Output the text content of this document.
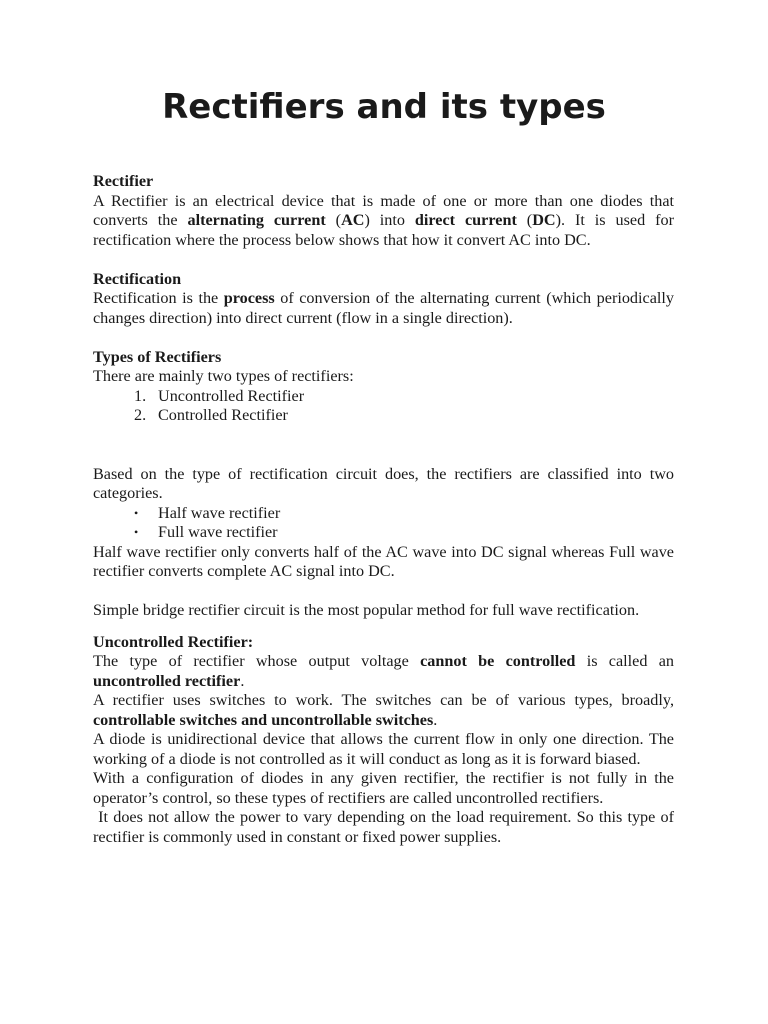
Rectifiers and its types

Rectifier

A Rectifier is an electrical device that is made of one or more than one diodes that converts the alternating current (AC) into direct current (DC). It is used for rectification where the process below shows that how it convert AC into DC.

Rectification

Rectification is the process of conversion of the alternating current (which periodically changes direction) into direct current (flow in a single direction).

Types of Rectifiers

There are mainly two types of rectifiers:

1. Uncontrolled Rectifier
2. Controlled Rectifier

Based on the type of rectification circuit does, the rectifiers are classified into two categories.

•	Half wave rectifier
•	Full wave rectifier

Half wave rectifier only converts half of the AC wave into DC signal whereas Full wave rectifier converts complete AC signal into DC.

Simple bridge rectifier circuit is the most popular method for full wave rectification.

Uncontrolled Rectifier:

The type of rectifier whose output voltage cannot be controlled is called an uncontrolled rectifier.

A rectifier uses switches to work. The switches can be of various types, broadly, controllable switches and uncontrollable switches.

A diode is unidirectional device that allows the current flow in only one direction. The working of a diode is not controlled as it will conduct as long as it is forward biased.

With a configuration of diodes in any given rectifier, the rectifier is not fully in the operator’s control, so these types of rectifiers are called uncontrolled rectifiers.

It does not allow the power to vary depending on the load requirement. So this type of rectifier is commonly used in constant or fixed power supplies.
